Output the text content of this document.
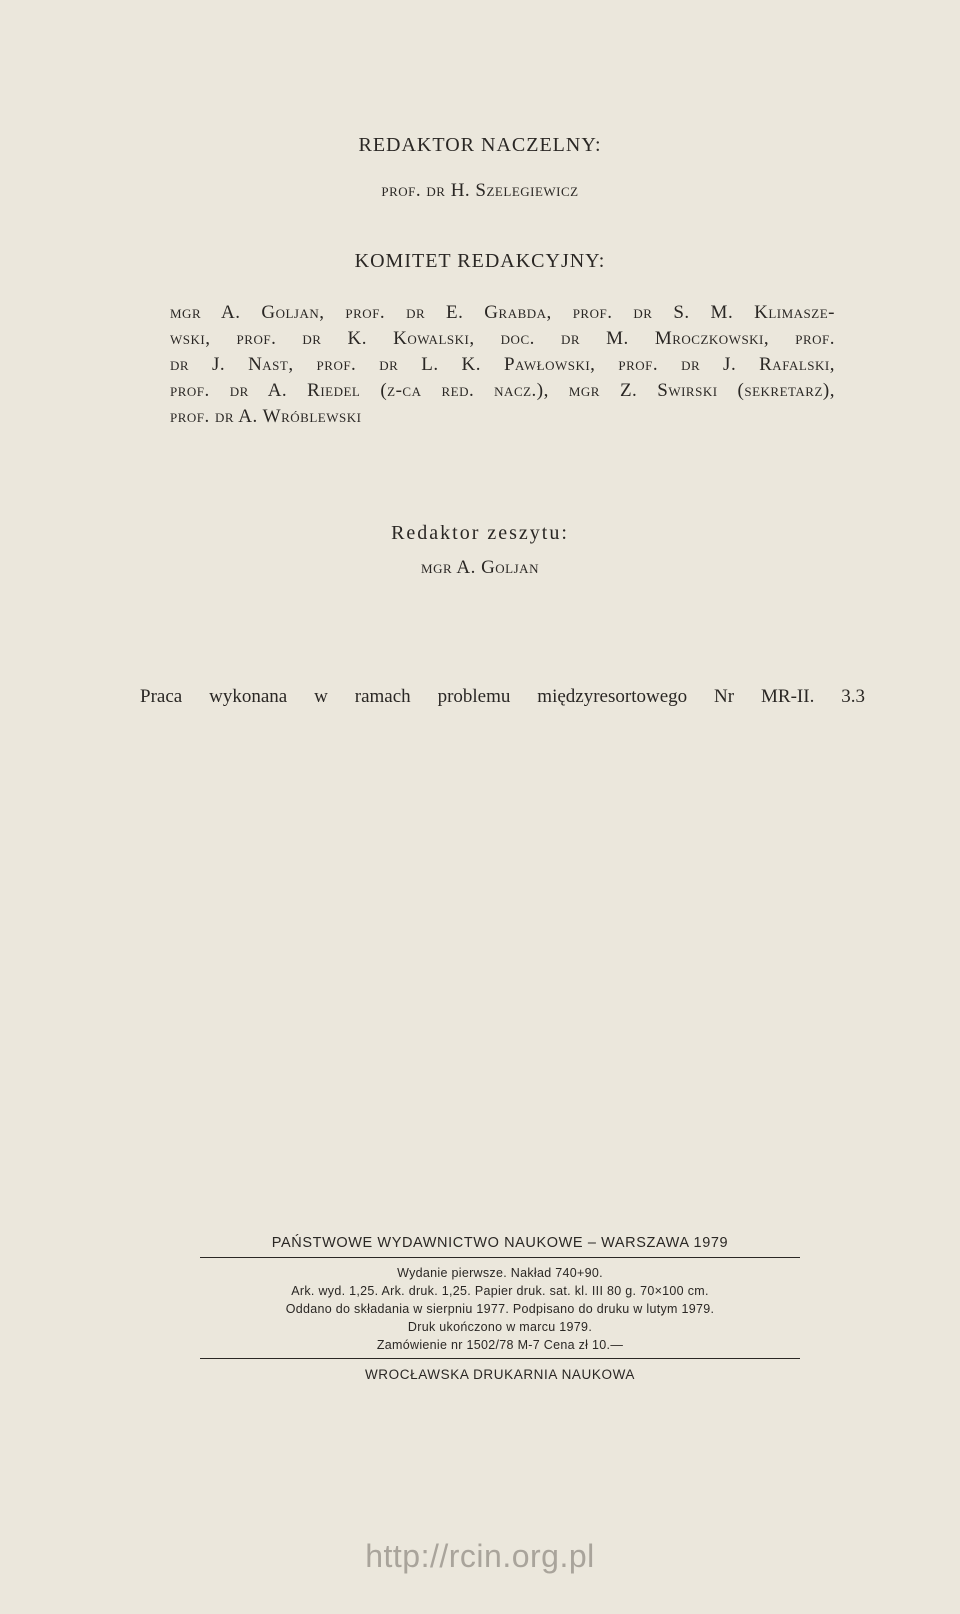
REDAKTOR NACZELNY:
prof. dr H. Szelegiewicz
KOMITET REDAKCYJNY:
mgr A. Goljan, prof. dr E. Grabda, prof. dr S. M. Klimasze-
wski, prof. dr K. Kowalski, doc. dr M. Mroczkowski, prof.
dr J. Nast, prof. dr L. K. Pawłowski, prof. dr J. Rafalski,
prof. dr A. Riedel (z-ca red. nacz.), mgr Z. Swirski (sekretarz),
prof. dr A. Wróblewski
Redaktor zeszytu:
mgr A. Goljan
Praca wykonana w ramach problemu międzyresortowego Nr MR-II. 3.3
PAŃSTWOWE WYDAWNICTWO NAUKOWE – WARSZAWA 1979
Wydanie pierwsze. Nakład 740+90.
Ark. wyd. 1,25. Ark. druk. 1,25. Papier druk. sat. kl. III 80 g. 70×100 cm.
Oddano do składania w sierpniu 1977. Podpisano do druku w lutym 1979.
Druk ukończono w marcu 1979.
Zamówienie nr 1502/78 M-7 Cena zł 10.—
WROCŁAWSKA DRUKARNIA NAUKOWA
http://rcin.org.pl
